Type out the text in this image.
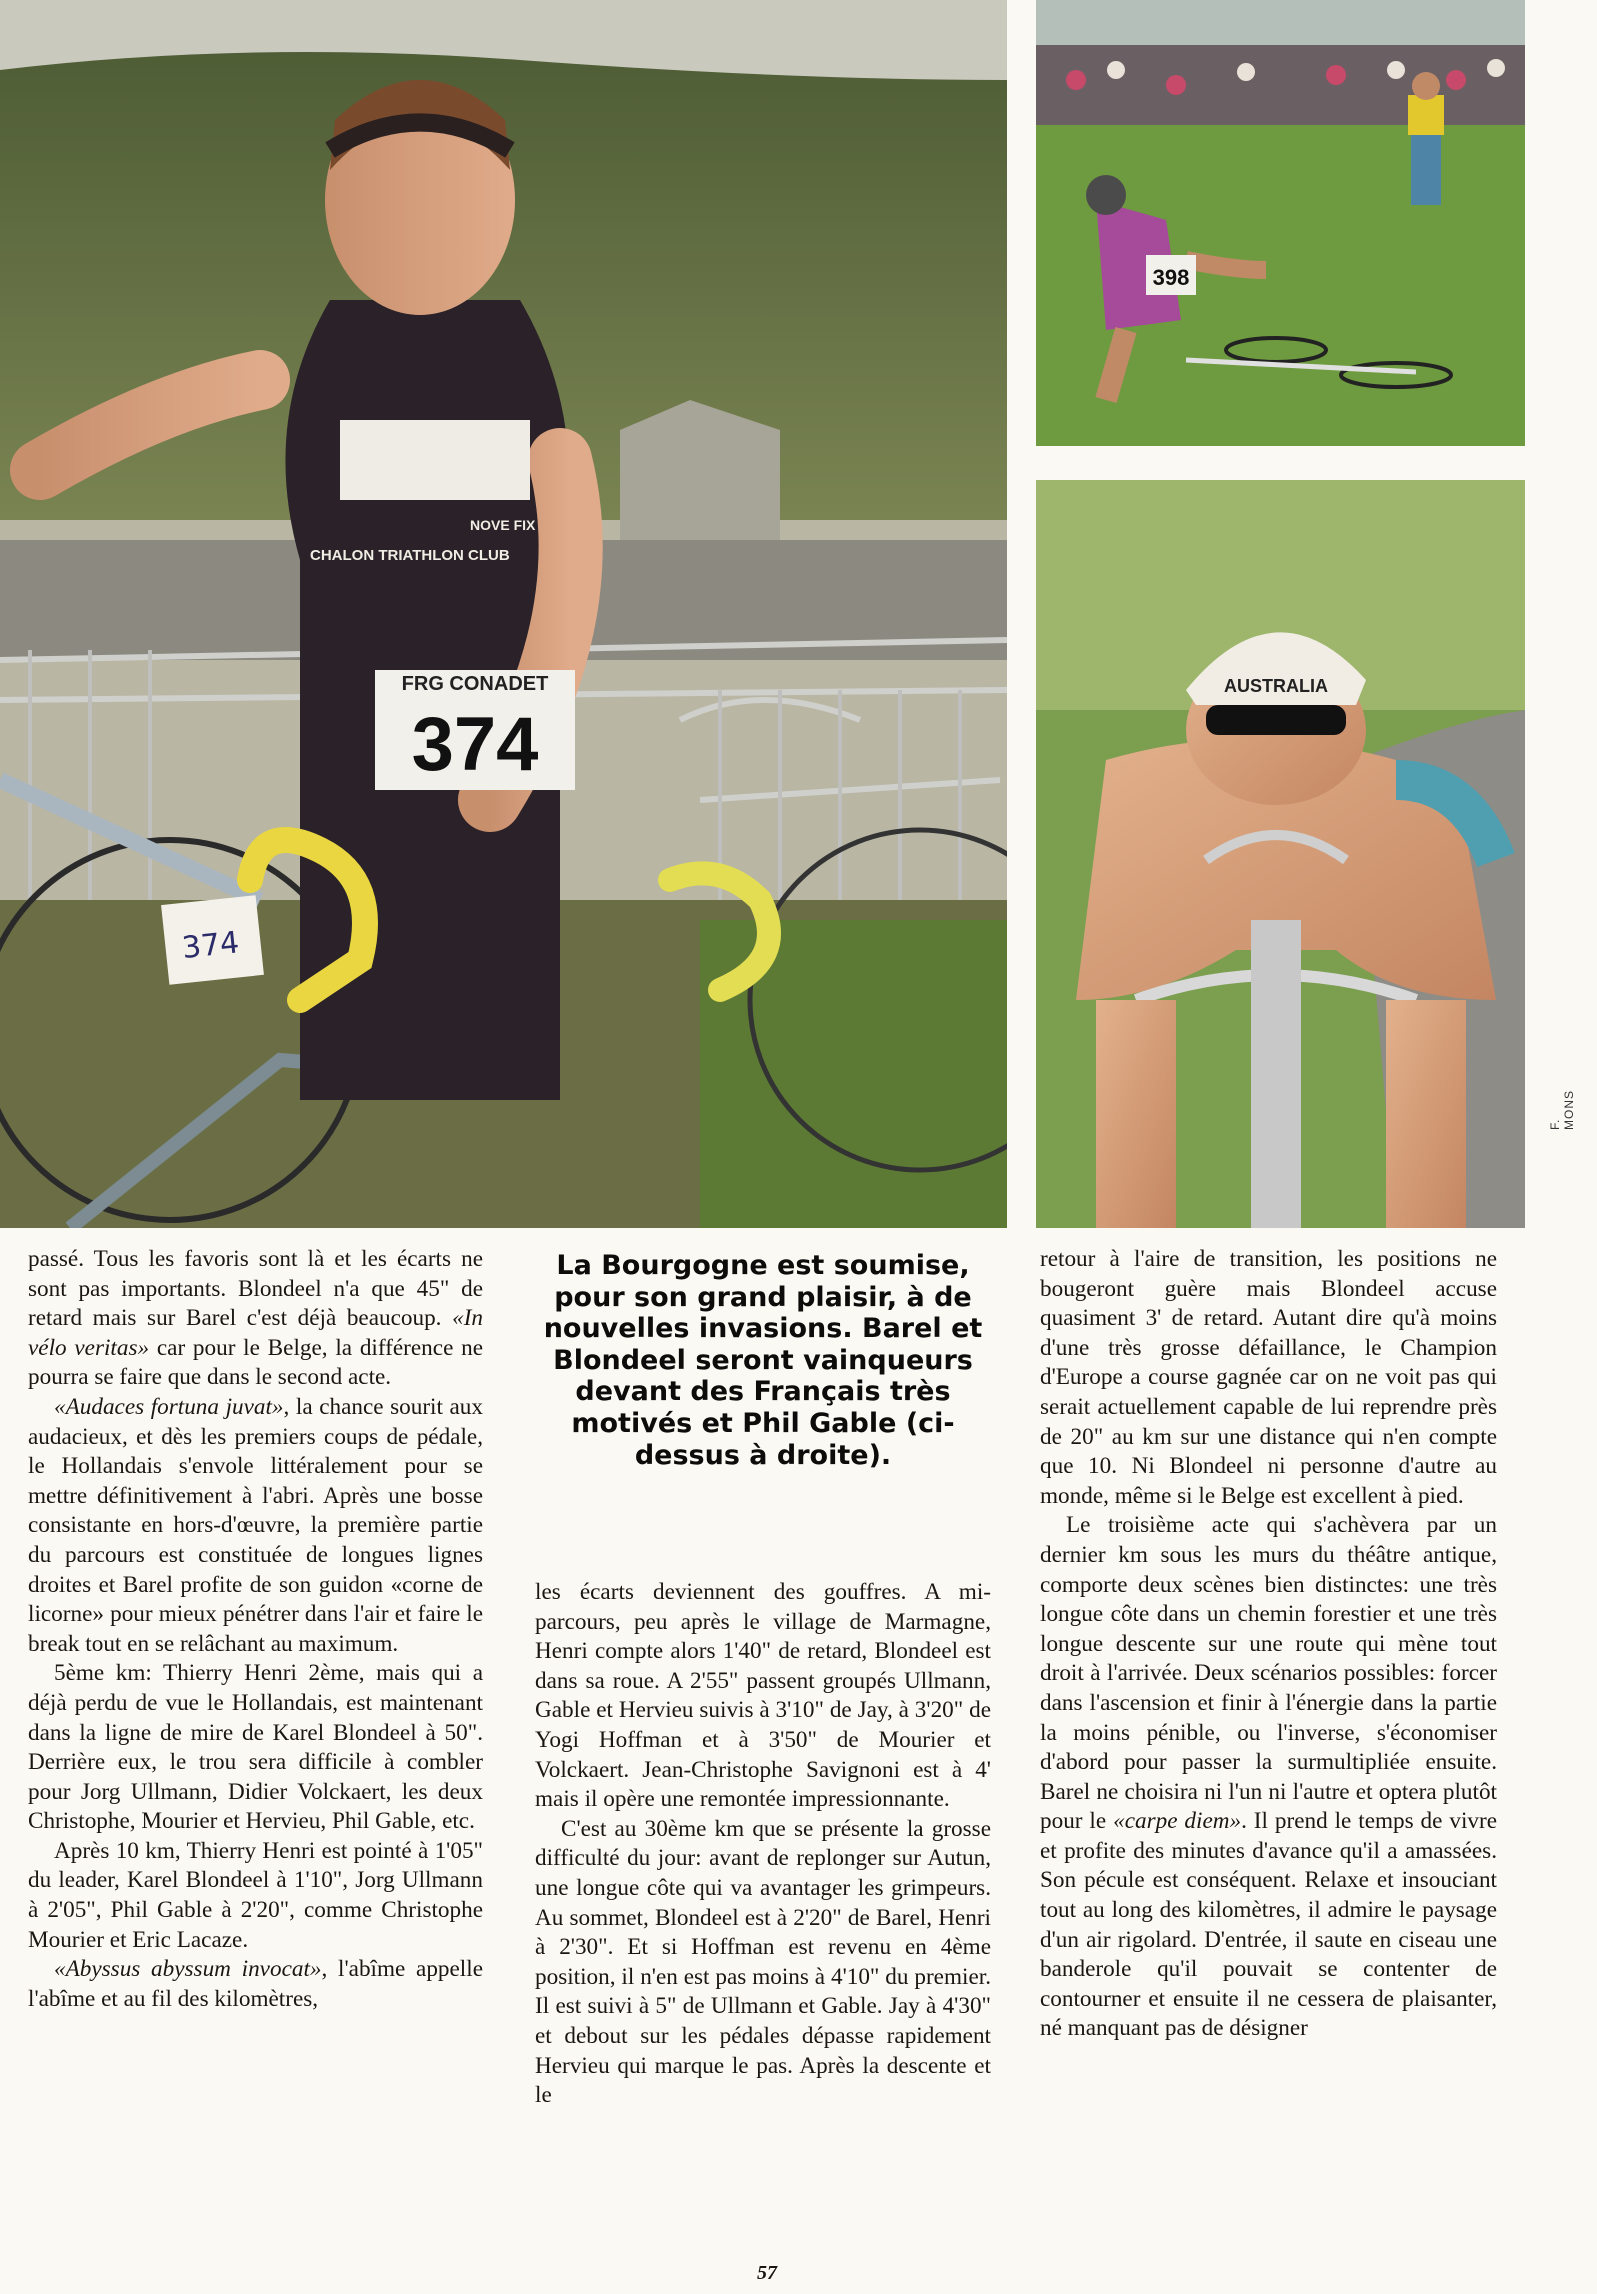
FRG CONADET
374
CHALON TRIATHLON CLUB
NOVE FIX
374
398
AUSTRALIA
F. MONS

passé. Tous les favoris sont là et les écarts ne sont pas importants. Blondeel n'a que 45" de retard mais sur Barel c'est déjà beaucoup. «In vélo veritas» car pour le Belge, la différence ne pourra se faire que dans le second acte.

«Audaces fortuna juvat», la chance sourit aux audacieux, et dès les premiers coups de pédale, le Hollandais s'envole littéralement pour se mettre définitivement à l'abri. Après une bosse consistante en hors-d'œuvre, la première partie du parcours est constituée de longues lignes droites et Barel profite de son guidon «corne de licorne» pour mieux pénétrer dans l'air et faire le break tout en se relâchant au maximum.

5ème km: Thierry Henri 2ème, mais qui a déjà perdu de vue le Hollandais, est maintenant dans la ligne de mire de Karel Blondeel à 50". Derrière eux, le trou sera difficile à combler pour Jorg Ullmann, Didier Volckaert, les deux Christophe, Mourier et Hervieu, Phil Gable, etc.

Après 10 km, Thierry Henri est pointé à 1'05" du leader, Karel Blondeel à 1'10", Jorg Ullmann à 2'05", Phil Gable à 2'20", comme Christophe Mourier et Eric Lacaze.

«Abyssus abyssum invocat», l'abîme appelle l'abîme et au fil des kilomètres,

La Bourgogne est soumise, pour son grand plaisir, à de nouvelles invasions. Barel et Blondeel seront vainqueurs devant des Français très motivés et Phil Gable (ci-dessus à droite).

les écarts deviennent des gouffres. A mi-parcours, peu après le village de Marmagne, Henri compte alors 1'40" de retard, Blondeel est dans sa roue. A 2'55" passent groupés Ullmann, Gable et Hervieu suivis à 3'10" de Jay, à 3'20" de Yogi Hoffman et à 3'50" de Mourier et Volckaert. Jean-Christophe Savignoni est à 4' mais il opère une remontée impressionnante.

C'est au 30ème km que se présente la grosse difficulté du jour: avant de replonger sur Autun, une longue côte qui va avantager les grimpeurs. Au sommet, Blondeel est à 2'20" de Barel, Henri à 2'30". Et si Hoffman est revenu en 4ème position, il n'en est pas moins à 4'10" du premier. Il est suivi à 5" de Ullmann et Gable. Jay à 4'30" et debout sur les pédales dépasse rapidement Hervieu qui marque le pas. Après la descente et le

retour à l'aire de transition, les positions ne bougeront guère mais Blondeel accuse quasiment 3' de retard. Autant dire qu'à moins d'une très grosse défaillance, le Champion d'Europe a course gagnée car on ne voit pas qui serait actuellement capable de lui reprendre près de 20" au km sur une distance qui n'en compte que 10. Ni Blondeel ni personne d'autre au monde, même si le Belge est excellent à pied.

Le troisième acte qui s'achèvera par un dernier km sous les murs du théâtre antique, comporte deux scènes bien distinctes: une très longue côte dans un chemin forestier et une très longue descente sur une route qui mène tout droit à l'arrivée. Deux scénarios possibles: forcer dans l'ascension et finir à l'énergie dans la partie la moins pénible, ou l'inverse, s'économiser d'abord pour passer la surmultipliée ensuite. Barel ne choisira ni l'un ni l'autre et optera plutôt pour le «carpe diem». Il prend le temps de vivre et profite des minutes d'avance qu'il a amassées. Son pécule est conséquent. Relaxe et insouciant tout au long des kilomètres, il admire le paysage d'un air rigolard. D'entrée, il saute en ciseau une banderole qu'il pouvait se contenter de contourner et ensuite il ne cessera de plaisanter, né manquant pas de désigner

57
